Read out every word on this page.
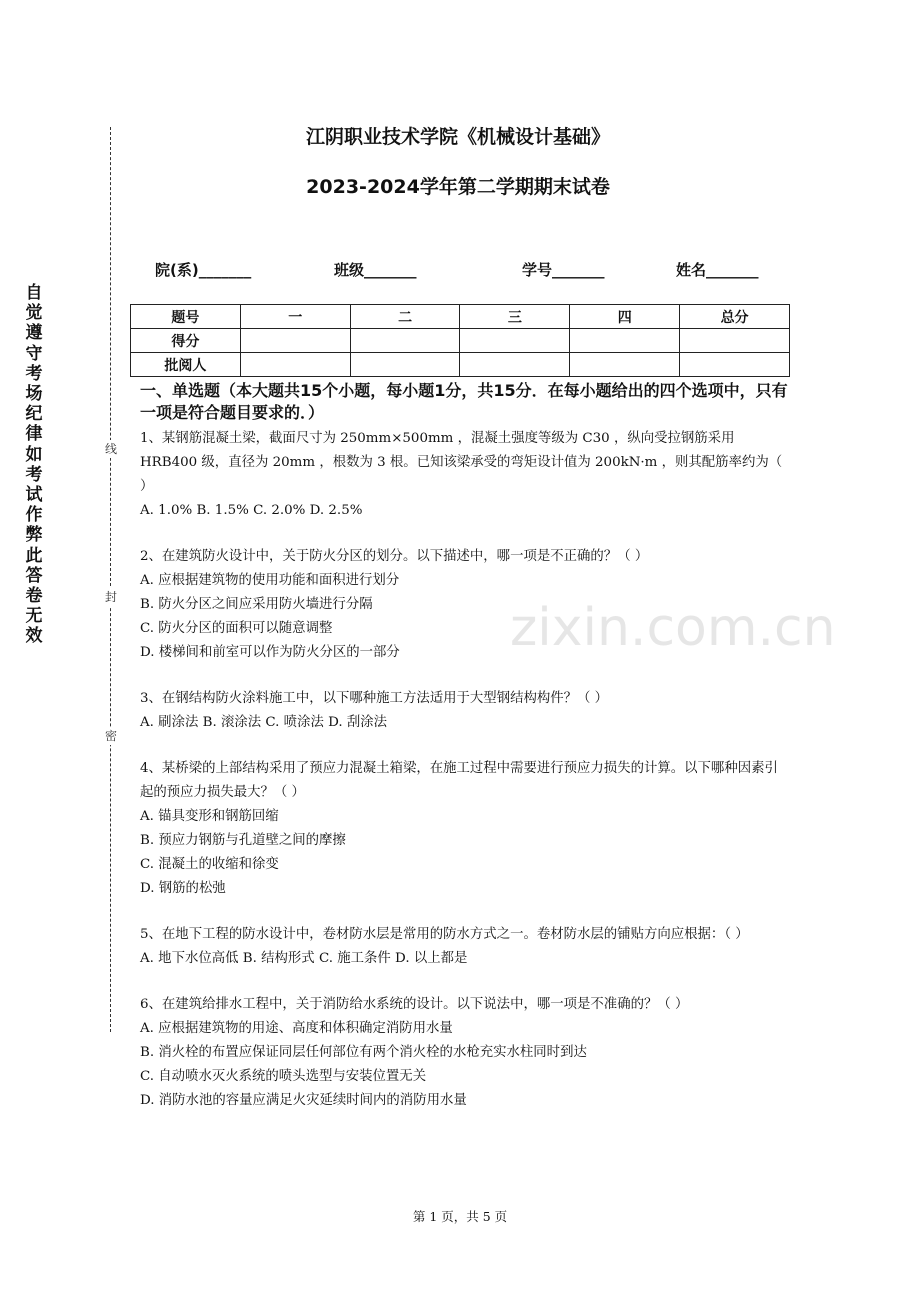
自觉遵守考场纪律如考试作弊此答卷无效
线
封
密
江阴职业技术学院《机械设计基础》
2023-2024学年第二学期期末试卷
院(系)_______	班级_______	学号_______	姓名_______
题号	一	二	三	四	总分
得分					
批阅人					
zixin.com.cn
一、单选题（本大题共15个小题，每小题1分，共15分．在每小题给出的四个选项中，只有一项是符合题目要求的．）

1、某钢筋混凝土梁，截面尺寸为 250mm×500mm ，混凝土强度等级为 C30 ，纵向受拉钢筋采用 HRB400 级，直径为 20mm ，根数为 3 根。已知该梁承受的弯矩设计值为 200kN·m ，则其配筋率约为（ ）

A. 1.0% B. 1.5% C. 2.0% D. 2.5%

2、在建筑防火设计中，关于防火分区的划分。以下描述中，哪一项是不正确的？（ ）

A. 应根据建筑物的使用功能和面积进行划分

B. 防火分区之间应采用防火墙进行分隔

C. 防火分区的面积可以随意调整

D. 楼梯间和前室可以作为防火分区的一部分

3、在钢结构防火涂料施工中，以下哪种施工方法适用于大型钢结构构件？（ ）

A. 刷涂法 B. 滚涂法 C. 喷涂法 D. 刮涂法

4、某桥梁的上部结构采用了预应力混凝土箱梁，在施工过程中需要进行预应力损失的计算。以下哪种因素引起的预应力损失最大？（ ）

A. 锚具变形和钢筋回缩

B. 预应力钢筋与孔道壁之间的摩擦

C. 混凝土的收缩和徐变

D. 钢筋的松弛

5、在地下工程的防水设计中，卷材防水层是常用的防水方式之一。卷材防水层的铺贴方向应根据：（ ）

A. 地下水位高低 B. 结构形式 C. 施工条件 D. 以上都是

6、在建筑给排水工程中，关于消防给水系统的设计。以下说法中，哪一项是不准确的？（ ）

A. 应根据建筑物的用途、高度和体积确定消防用水量

B. 消火栓的布置应保证同层任何部位有两个消火栓的水枪充实水柱同时到达

C. 自动喷水灭火系统的喷头选型与安装位置无关

D. 消防水池的容量应满足火灾延续时间内的消防用水量

第 1 页，共 5 页
